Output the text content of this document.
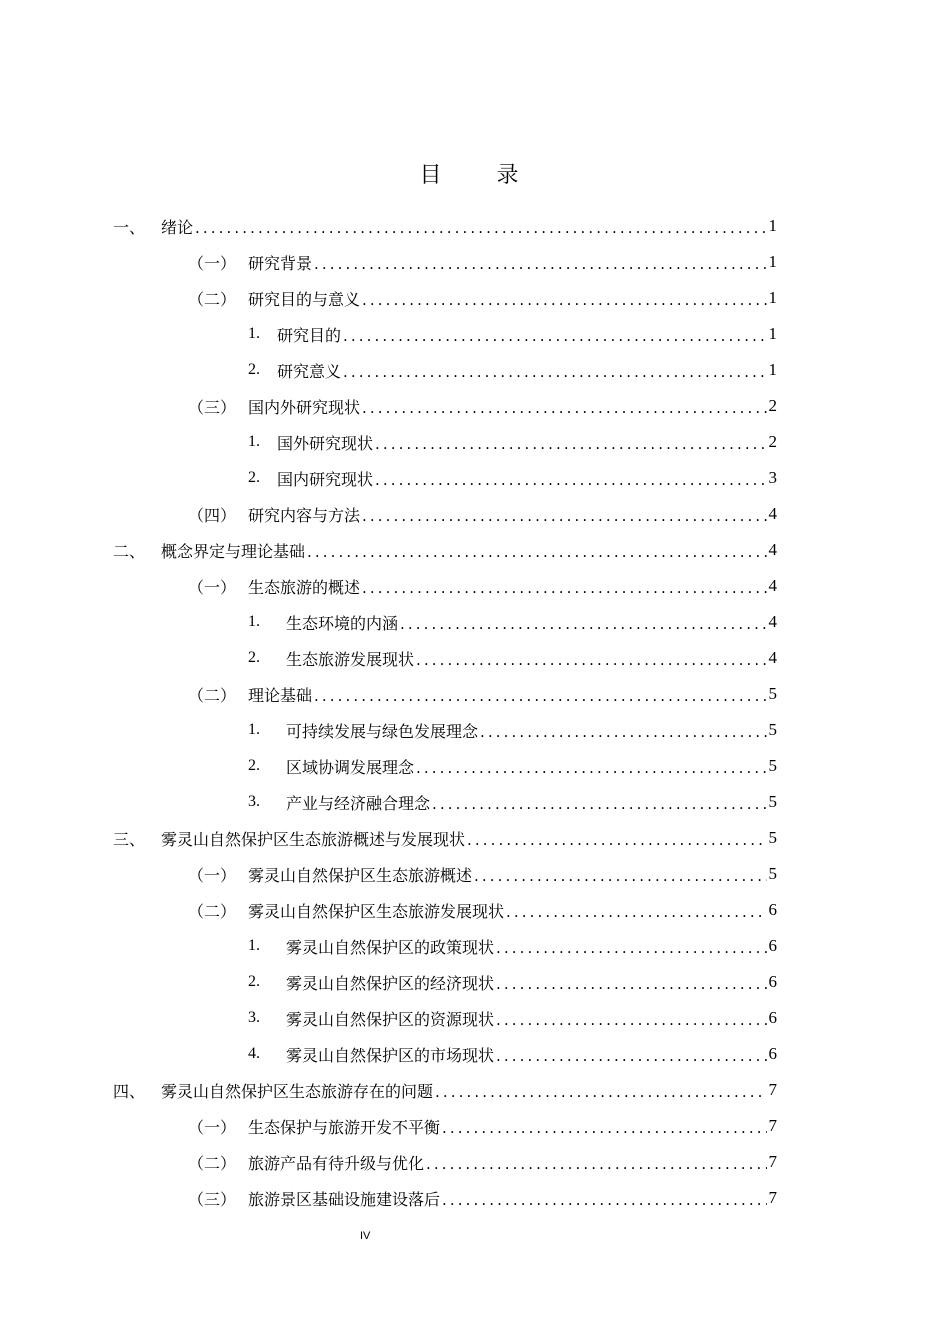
目 录
一、 绪论 .....	1
（一） 研究背景 .....	1
（二） 研究目的与意义 .....	1
1.	研究目的 .....	1
2.	研究意义 .....	1
（三） 国内外研究现状 .....	2
1.	国外研究现状 .....	2
2.	国内研究现状 .....	3
（四） 研究内容与方法 .....	4
二、 概念界定与理论基础 .....	4
（一） 生态旅游的概述 .....	4
1.	生态环境的内涵 .....	4
2.	生态旅游发展现状 .....	4
（二） 理论基础 .....	5
1.	可持续发展与绿色发展理念 .....	5
2.	区域协调发展理念 .....	5
3.	产业与经济融合理念 .....	5
三、 雾灵山自然保护区生态旅游概述与发展现状 .....	5
（一） 雾灵山自然保护区生态旅游概述 .....	5
（二） 雾灵山自然保护区生态旅游发展现状 .....	6
1.	雾灵山自然保护区的政策现状 .....	6
2.	雾灵山自然保护区的经济现状 .....	6
3.	雾灵山自然保护区的资源现状 .....	6
4.	雾灵山自然保护区的市场现状 .....	6
四、 雾灵山自然保护区生态旅游存在的问题 .....	7
（一） 生态保护与旅游开发不平衡 .....	7
（二） 旅游产品有待升级与优化 .....	7
（三） 旅游景区基础设施建设落后 .....	7
IV
